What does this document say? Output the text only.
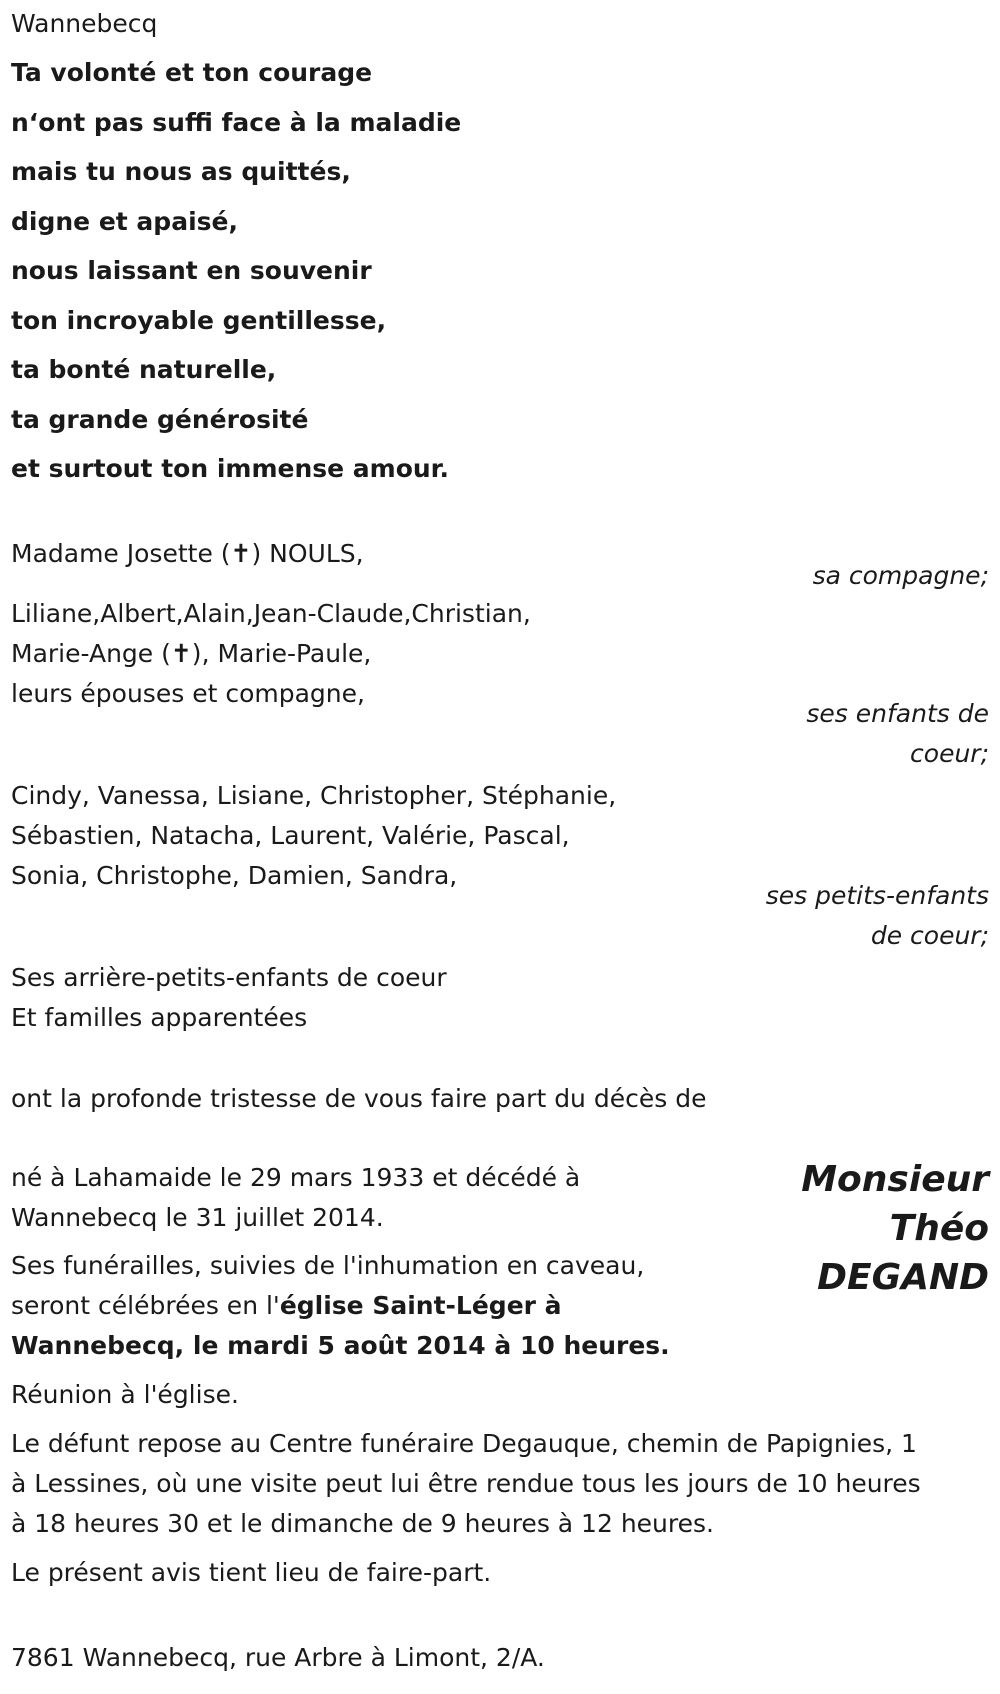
Wannebecq
Ta volonté et ton courage
n‘ont pas suffi face à la maladie
mais tu nous as quittés,
digne et apaisé,
nous laissant en souvenir
ton incroyable gentillesse,
ta bonté naturelle,
ta grande générosité
et surtout ton immense amour.
Madame Josette (✝) NOULS,
sa compagne;
Liliane,Albert,Alain,Jean-Claude,Christian,
Marie-Ange (✝), Marie-Paule,
leurs épouses et compagne,
ses enfants de
coeur;
Cindy, Vanessa, Lisiane, Christopher, Stéphanie,
Sébastien, Natacha, Laurent, Valérie, Pascal,
Sonia, Christophe, Damien, Sandra,
ses petits-enfants
de coeur;
Ses arrière-petits-enfants de coeur
Et familles apparentées
ont la profonde tristesse de vous faire part du décès de
Monsieur
Théo
DEGAND
né à Lahamaide le 29 mars 1933 et décédé à
Wannebecq le 31 juillet 2014.
Ses funérailles, suivies de l'inhumation en caveau,
seront célébrées en l'église Saint-Léger à
Wannebecq, le mardi 5 août 2014 à 10 heures.
Réunion à l'église.
Le défunt repose au Centre funéraire Degauque, chemin de Papignies, 1
à Lessines, où une visite peut lui être rendue tous les jours de 10 heures
à 18 heures 30 et le dimanche de 9 heures à 12 heures.
Le présent avis tient lieu de faire-part.
7861 Wannebecq, rue Arbre à Limont, 2/A.
